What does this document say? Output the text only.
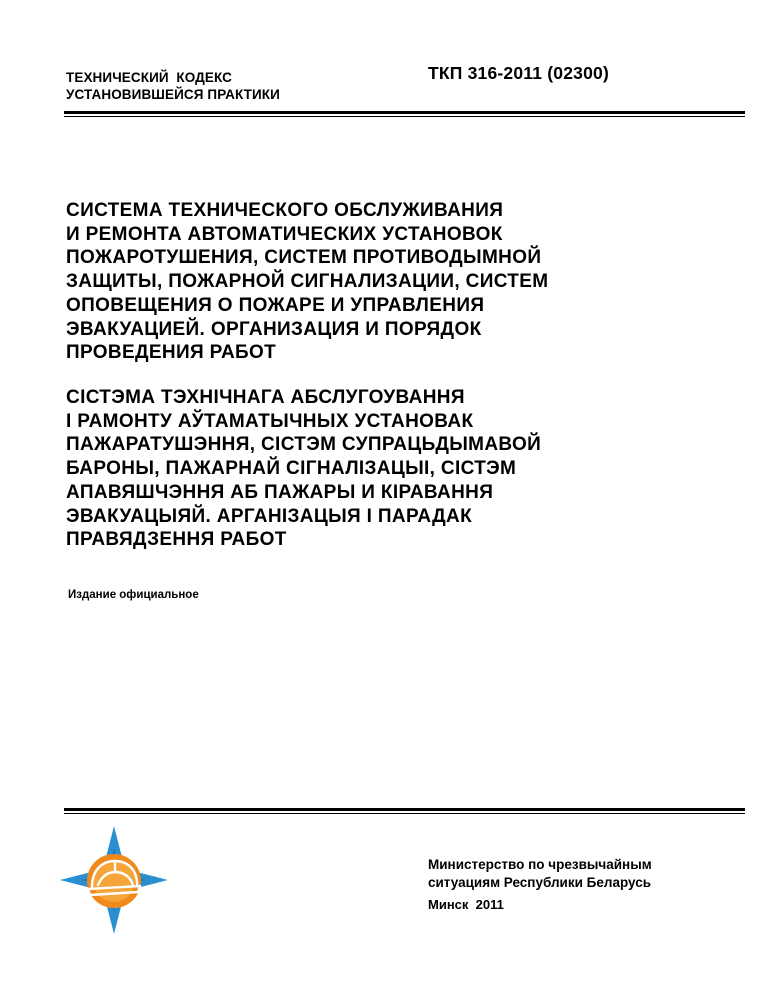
ТЕХНИЧЕСКИЙ  КОДЕКС
УСТАНОВИВШЕЙСЯ ПРАКТИКИ
ТКП 316-2011 (02300)
СИСТЕМА ТЕХНИЧЕСКОГО ОБСЛУЖИВАНИЯ
И РЕМОНТА АВТОМАТИЧЕСКИХ УСТАНОВОК
ПОЖАРОТУШЕНИЯ, СИСТЕМ ПРОТИВОДЫМНОЙ
ЗАЩИТЫ, ПОЖАРНОЙ СИГНАЛИЗАЦИИ, СИСТЕМ
ОПОВЕЩЕНИЯ О ПОЖАРЕ И УПРАВЛЕНИЯ
ЭВАКУАЦИЕЙ. ОРГАНИЗАЦИЯ И ПОРЯДОК
ПРОВЕДЕНИЯ РАБОТ
СІСТЭМА ТЭХНІЧНАГА АБСЛУГОУВАННЯ
І РАМОНТУ АЎТАМАТЫЧНЫХ УСТАНОВАК
ПАЖАРАТУШЭННЯ, СІСТЭМ СУПРАЦЬДЫМАВОЙ
БАРОНЫ, ПАЖАРНАЙ СІГНАЛІЗАЦЫІ, СІСТЭМ
АПАВЯШЧЭННЯ АБ ПАЖАРЫ И КІРАВАННЯ
ЭВАКУАЦЫЯЙ. АРГАНІЗАЦЫЯ І ПАРАДАК
ПРАВЯДЗЕННЯ РАБОТ
Издание официальное
Министерство по чрезвычайным
ситуациям Республики Беларусь
Минск  2011
